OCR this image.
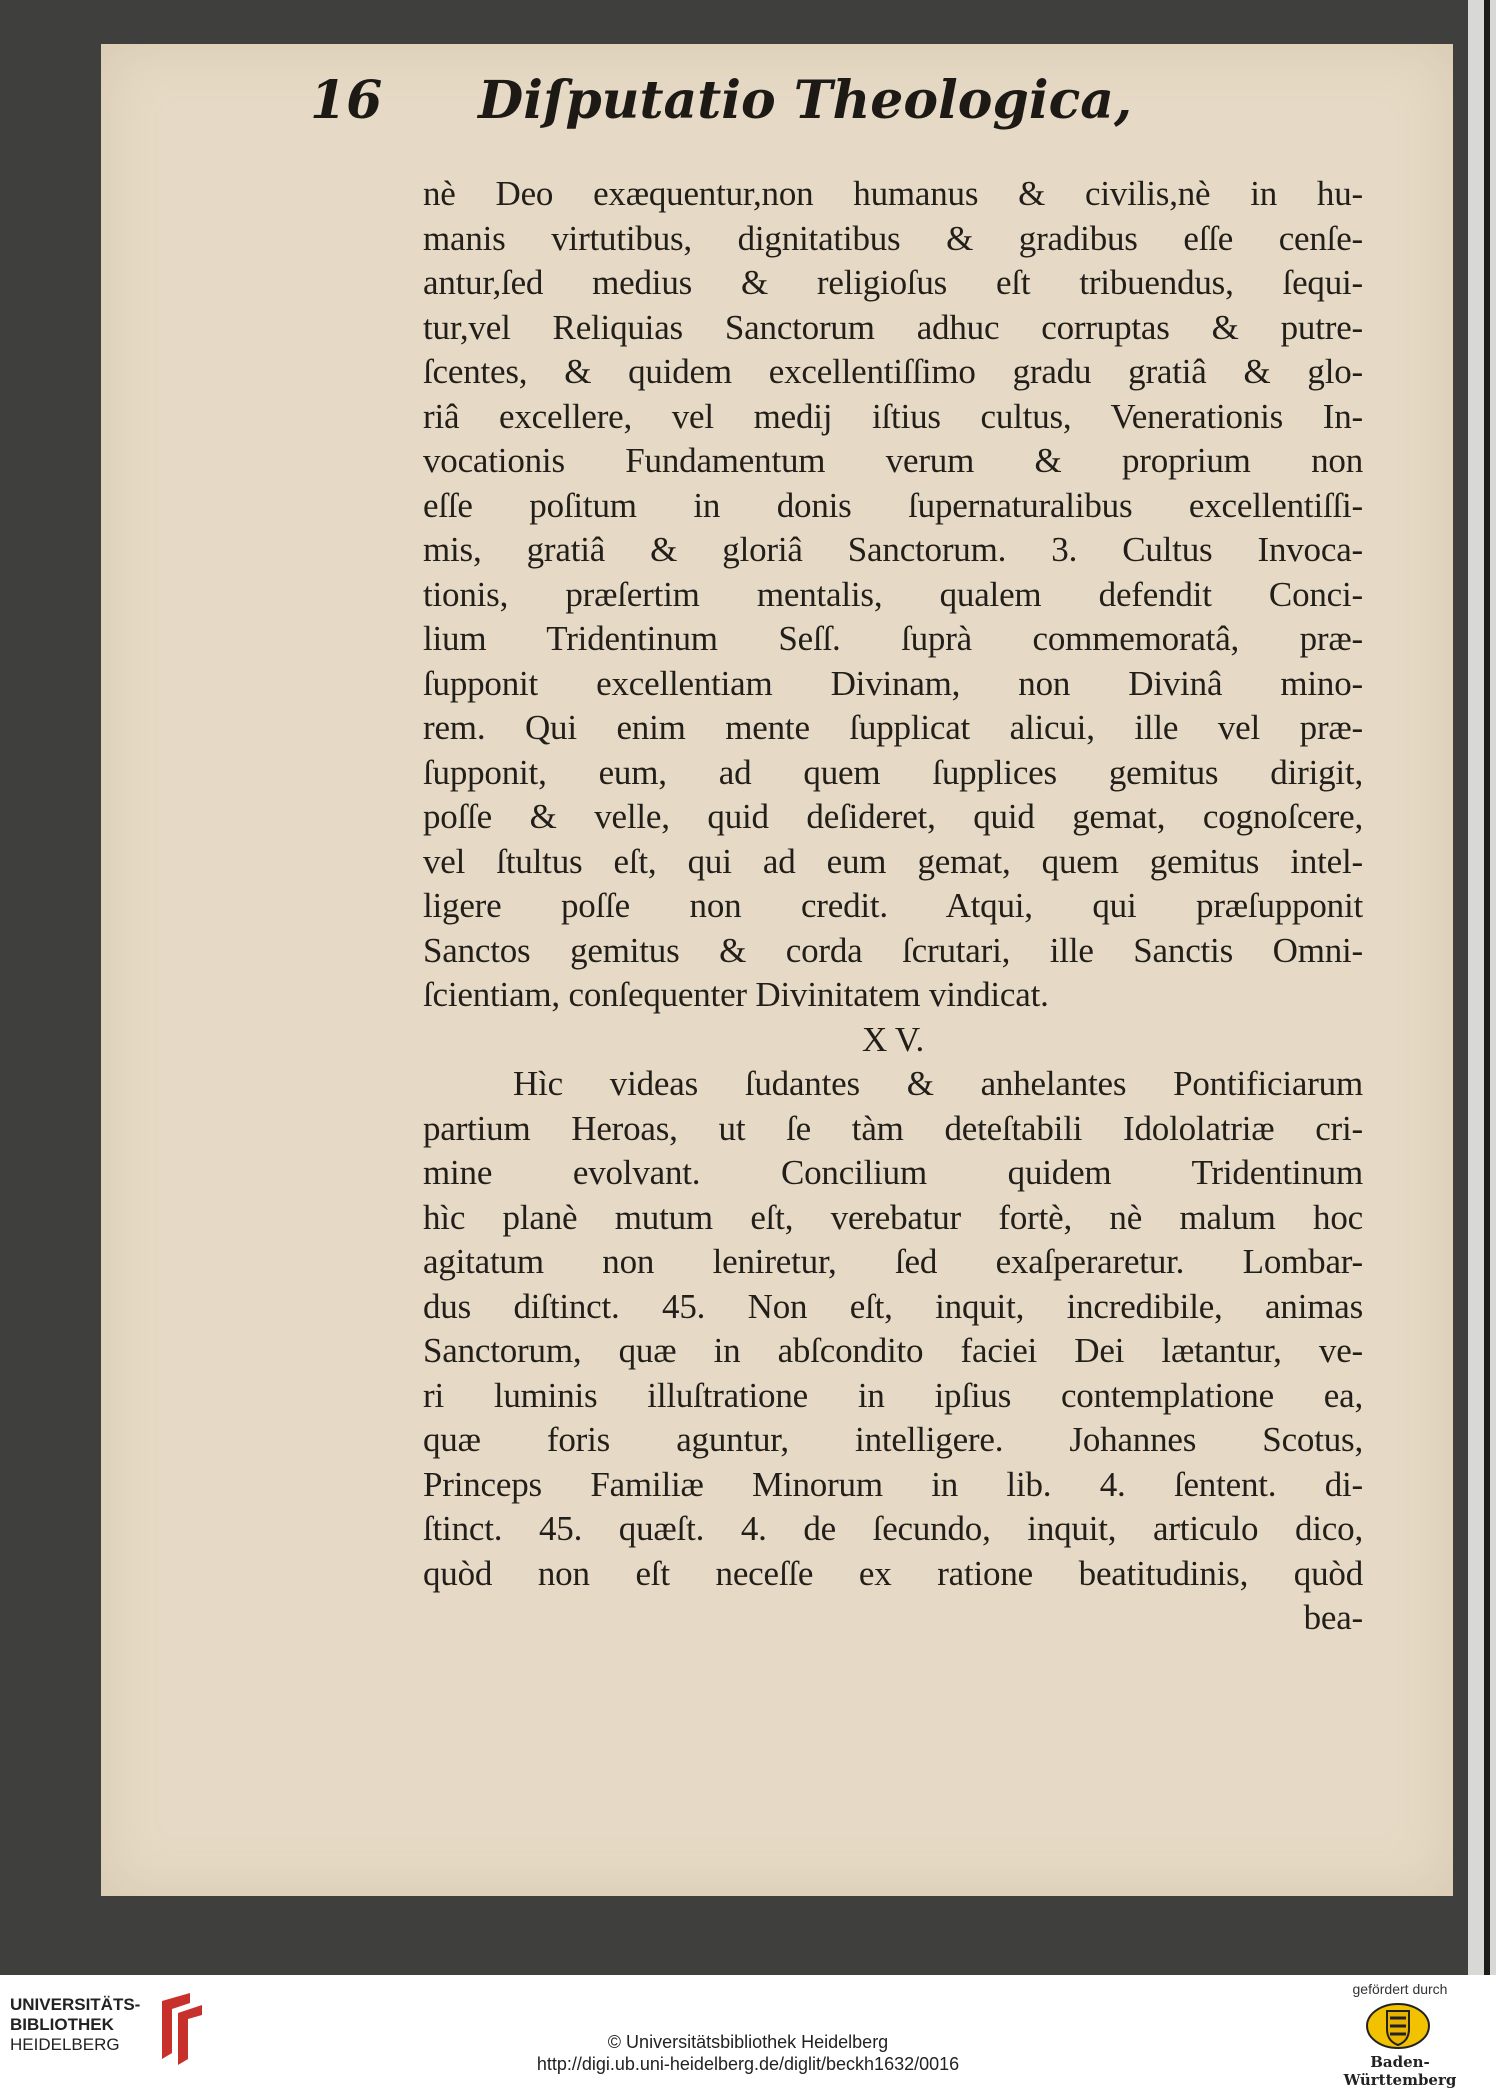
16 Diſputatio Theologica,
nè Deo exæquentur,non humanus & civilis,nè in hu-
manis virtutibus, dignitatibus & gradibus eſſe cenſe-
antur,ſed medius & religioſus eſt tribuendus, ſequi-
tur,vel Reliquias Sanctorum adhuc corruptas & putre-
ſcentes, & quidem excellentiſſimo gradu gratiâ & glo-
riâ excellere, vel medij iſtius cultus, Venerationis In-
vocationis Fundamentum verum & proprium non
eſſe poſitum in donis ſupernaturalibus excellentiſſi-
mis, gratiâ & gloriâ Sanctorum. 3. Cultus Invoca-
tionis, præſertim mentalis, qualem defendit Conci-
lium Tridentinum Seſſ. ſuprà commemoratâ, præ-
ſupponit excellentiam Divinam, non Divinâ mino-
rem. Qui enim mente ſupplicat alicui, ille vel præ-
ſupponit, eum, ad quem ſupplices gemitus dirigit,
poſſe & velle, quid deſideret, quid gemat, cognoſcere,
vel ſtultus eſt, qui ad eum gemat, quem gemitus intel-
ligere poſſe non credit. Atqui, qui præſupponit
Sanctos gemitus & corda ſcrutari, ille Sanctis Omni-
ſcientiam, conſequenter Divinitatem vindicat.
X V.
Hìc videas ſudantes & anhelantes Pontificiarum
partium Heroas, ut ſe tàm deteſtabili Idololatriæ cri-
mine evolvant. Concilium quidem Tridentinum
hìc planè mutum eſt, verebatur fortè, nè malum hoc
agitatum non leniretur, ſed exaſperaretur. Lombar-
dus diſtinct. 45. Non eſt, inquit, incredibile, animas
Sanctorum, quæ in abſcondito faciei Dei lætantur, ve-
ri luminis illuſtratione in ipſius contemplatione ea,
quæ foris aguntur, intelligere. Johannes Scotus,
Princeps Familiæ Minorum in lib. 4. ſentent. di-
ſtinct. 45. quæſt. 4. de ſecundo, inquit, articulo dico,
quòd non eſt neceſſe ex ratione beatitudinis, quòd
bea-
UNIVERSITÄTS-
BIBLIOTHEK
HEIDELBERG	© Universitätsbibliothek Heidelberg
http://digi.ub.uni-heidelberg.de/diglit/beckh1632/0016
gefördert durch
Baden-Württemberg
